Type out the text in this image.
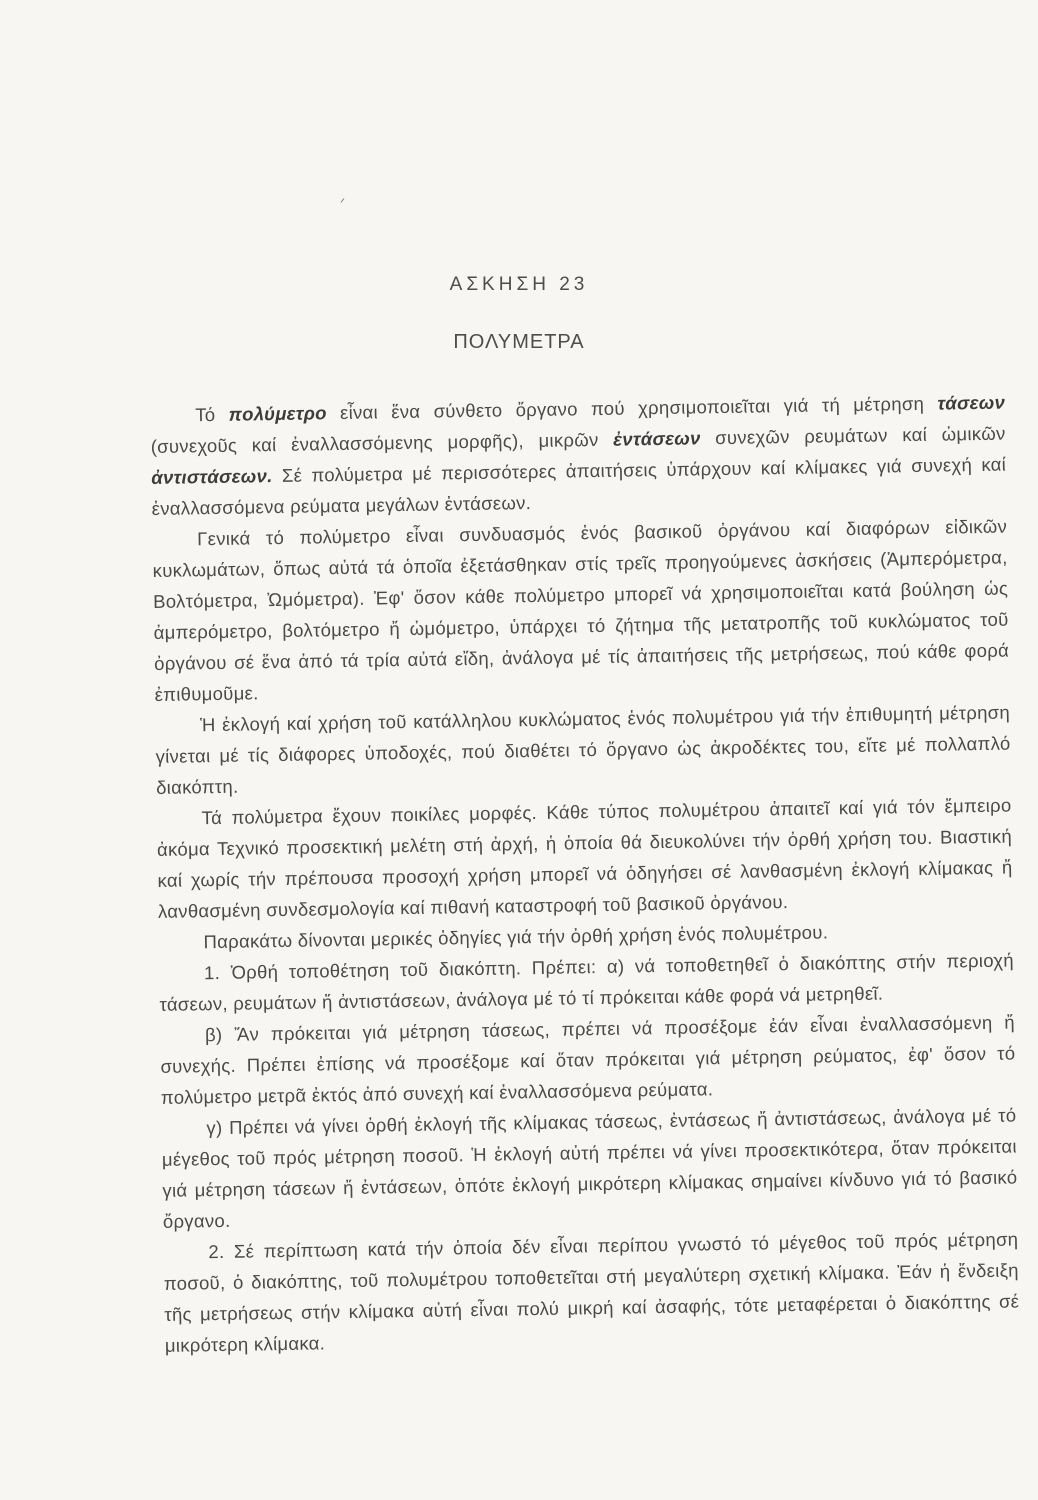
ᐟ
ΑΣΚΗΣΗ 23
ΠΟΛΥΜΕΤΡΑ

Τό πολύμετρο εἶναι ἕνα σύνθετο ὄργανο πού χρησιμοποιεῖται γιά τή μέτρηση τάσεων (συνεχοῦς καί ἐναλλασσόμενης μορφῆς), μικρῶν ἐντάσεων συνεχῶν ρευμάτων καί ὠμικῶν ἀντιστάσεων. Σέ πολύμετρα μέ περισσότερες ἀπαιτήσεις ὑπάρχουν καί κλίμακες γιά συνεχή καί ἐναλλασσόμενα ρεύματα μεγάλων ἐντάσεων.

Γενικά τό πολύμετρο εἶναι συνδυασμός ἑνός βασικοῦ ὀργάνου καί διαφόρων εἰδικῶν κυκλωμάτων, ὅπως αὐτά τά ὁποῖα ἐξετάσθηκαν στίς τρεῖς προηγούμενες ἀσκήσεις (Ἀμπερόμετρα, Βολτόμετρα, Ὠμόμετρα). Ἐφ' ὅσον κάθε πολύμετρο μπορεῖ νά χρησιμοποιεῖται κατά βούληση ὡς ἀμπερόμετρο, βολτόμετρο ἤ ὠμόμετρο, ὑπάρχει τό ζήτημα τῆς μετατροπῆς τοῦ κυκλώματος τοῦ ὀργάνου σέ ἕνα ἀπό τά τρία αὐτά εἴδη, ἀνάλογα μέ τίς ἀπαιτήσεις τῆς μετρήσεως, πού κάθε φορά ἐπιθυμοῦμε.

Ἡ ἐκλογή καί χρήση τοῦ κατάλληλου κυκλώματος ἑνός πολυμέτρου γιά τήν ἐπιθυμητή μέτρηση γίνεται μέ τίς διάφορες ὑποδοχές, πού διαθέτει τό ὄργανο ὡς ἀκροδέκτες του, εἴτε μέ πολλαπλό διακόπτη.

Τά πολύμετρα ἔχουν ποικίλες μορφές. Κάθε τύπος πολυμέτρου ἀπαιτεῖ καί γιά τόν ἔμπειρο ἀκόμα Τεχνικό προσεκτική μελέτη στή ἀρχή, ἡ ὁποία θά διευκολύνει τήν ὀρθή χρήση του. Βιαστική καί χωρίς τήν πρέπουσα προσοχή χρήση μπορεῖ νά ὁδηγήσει σέ λανθασμένη ἐκλογή κλίμακας ἤ λανθασμένη συνδεσμολογία καί πιθανή καταστροφή τοῦ βασικοῦ ὀργάνου.

Παρακάτω δίνονται μερικές ὁδηγίες γιά τήν ὀρθή χρήση ἑνός πολυμέτρου.

1. Ὀρθή τοποθέτηση τοῦ διακόπτη. Πρέπει: α) νά τοποθετηθεῖ ὁ διακόπτης στήν περιοχή τάσεων, ρευμάτων ἤ ἀντιστάσεων, ἀνάλογα μέ τό τί πρόκειται κάθε φορά νά μετρηθεῖ.

β) Ἄν πρόκειται γιά μέτρηση τάσεως, πρέπει νά προσέξομε ἐάν εἶναι ἐναλλασσόμενη ἤ συνεχής. Πρέπει ἐπίσης νά προσέξομε καί ὅταν πρόκειται γιά μέτρηση ρεύματος, ἐφ' ὅσον τό πολύμετρο μετρᾶ ἐκτός ἀπό συνεχή καί ἐναλλασσόμενα ρεύματα.

γ) Πρέπει νά γίνει ὀρθή ἐκλογή τῆς κλίμακας τάσεως, ἐντάσεως ἤ ἀντιστάσεως, ἀνάλογα μέ τό μέγεθος τοῦ πρός μέτρηση ποσοῦ. Ἡ ἐκλογή αὐτή πρέπει νά γίνει προσεκτικότερα, ὅταν πρόκειται γιά μέτρηση τάσεων ἤ ἐντάσεων, ὁπότε ἐκλογή μικρότερη κλίμακας σημαίνει κίνδυνο γιά τό βασικό ὄργανο.

2. Σέ περίπτωση κατά τήν ὁποία δέν εἶναι περίπου γνωστό τό μέγεθος τοῦ πρός μέτρηση ποσοῦ, ὁ διακόπτης, τοῦ πολυμέτρου τοποθετεῖται στή μεγαλύτερη σχετική κλίμακα. Ἐάν ἡ ἔνδειξη τῆς μετρήσεως στήν κλίμακα αὐτή εἶναι πολύ μικρή καί ἀσαφής, τότε μεταφέρεται ὁ διακόπτης σέ μικρότερη κλίμακα.
